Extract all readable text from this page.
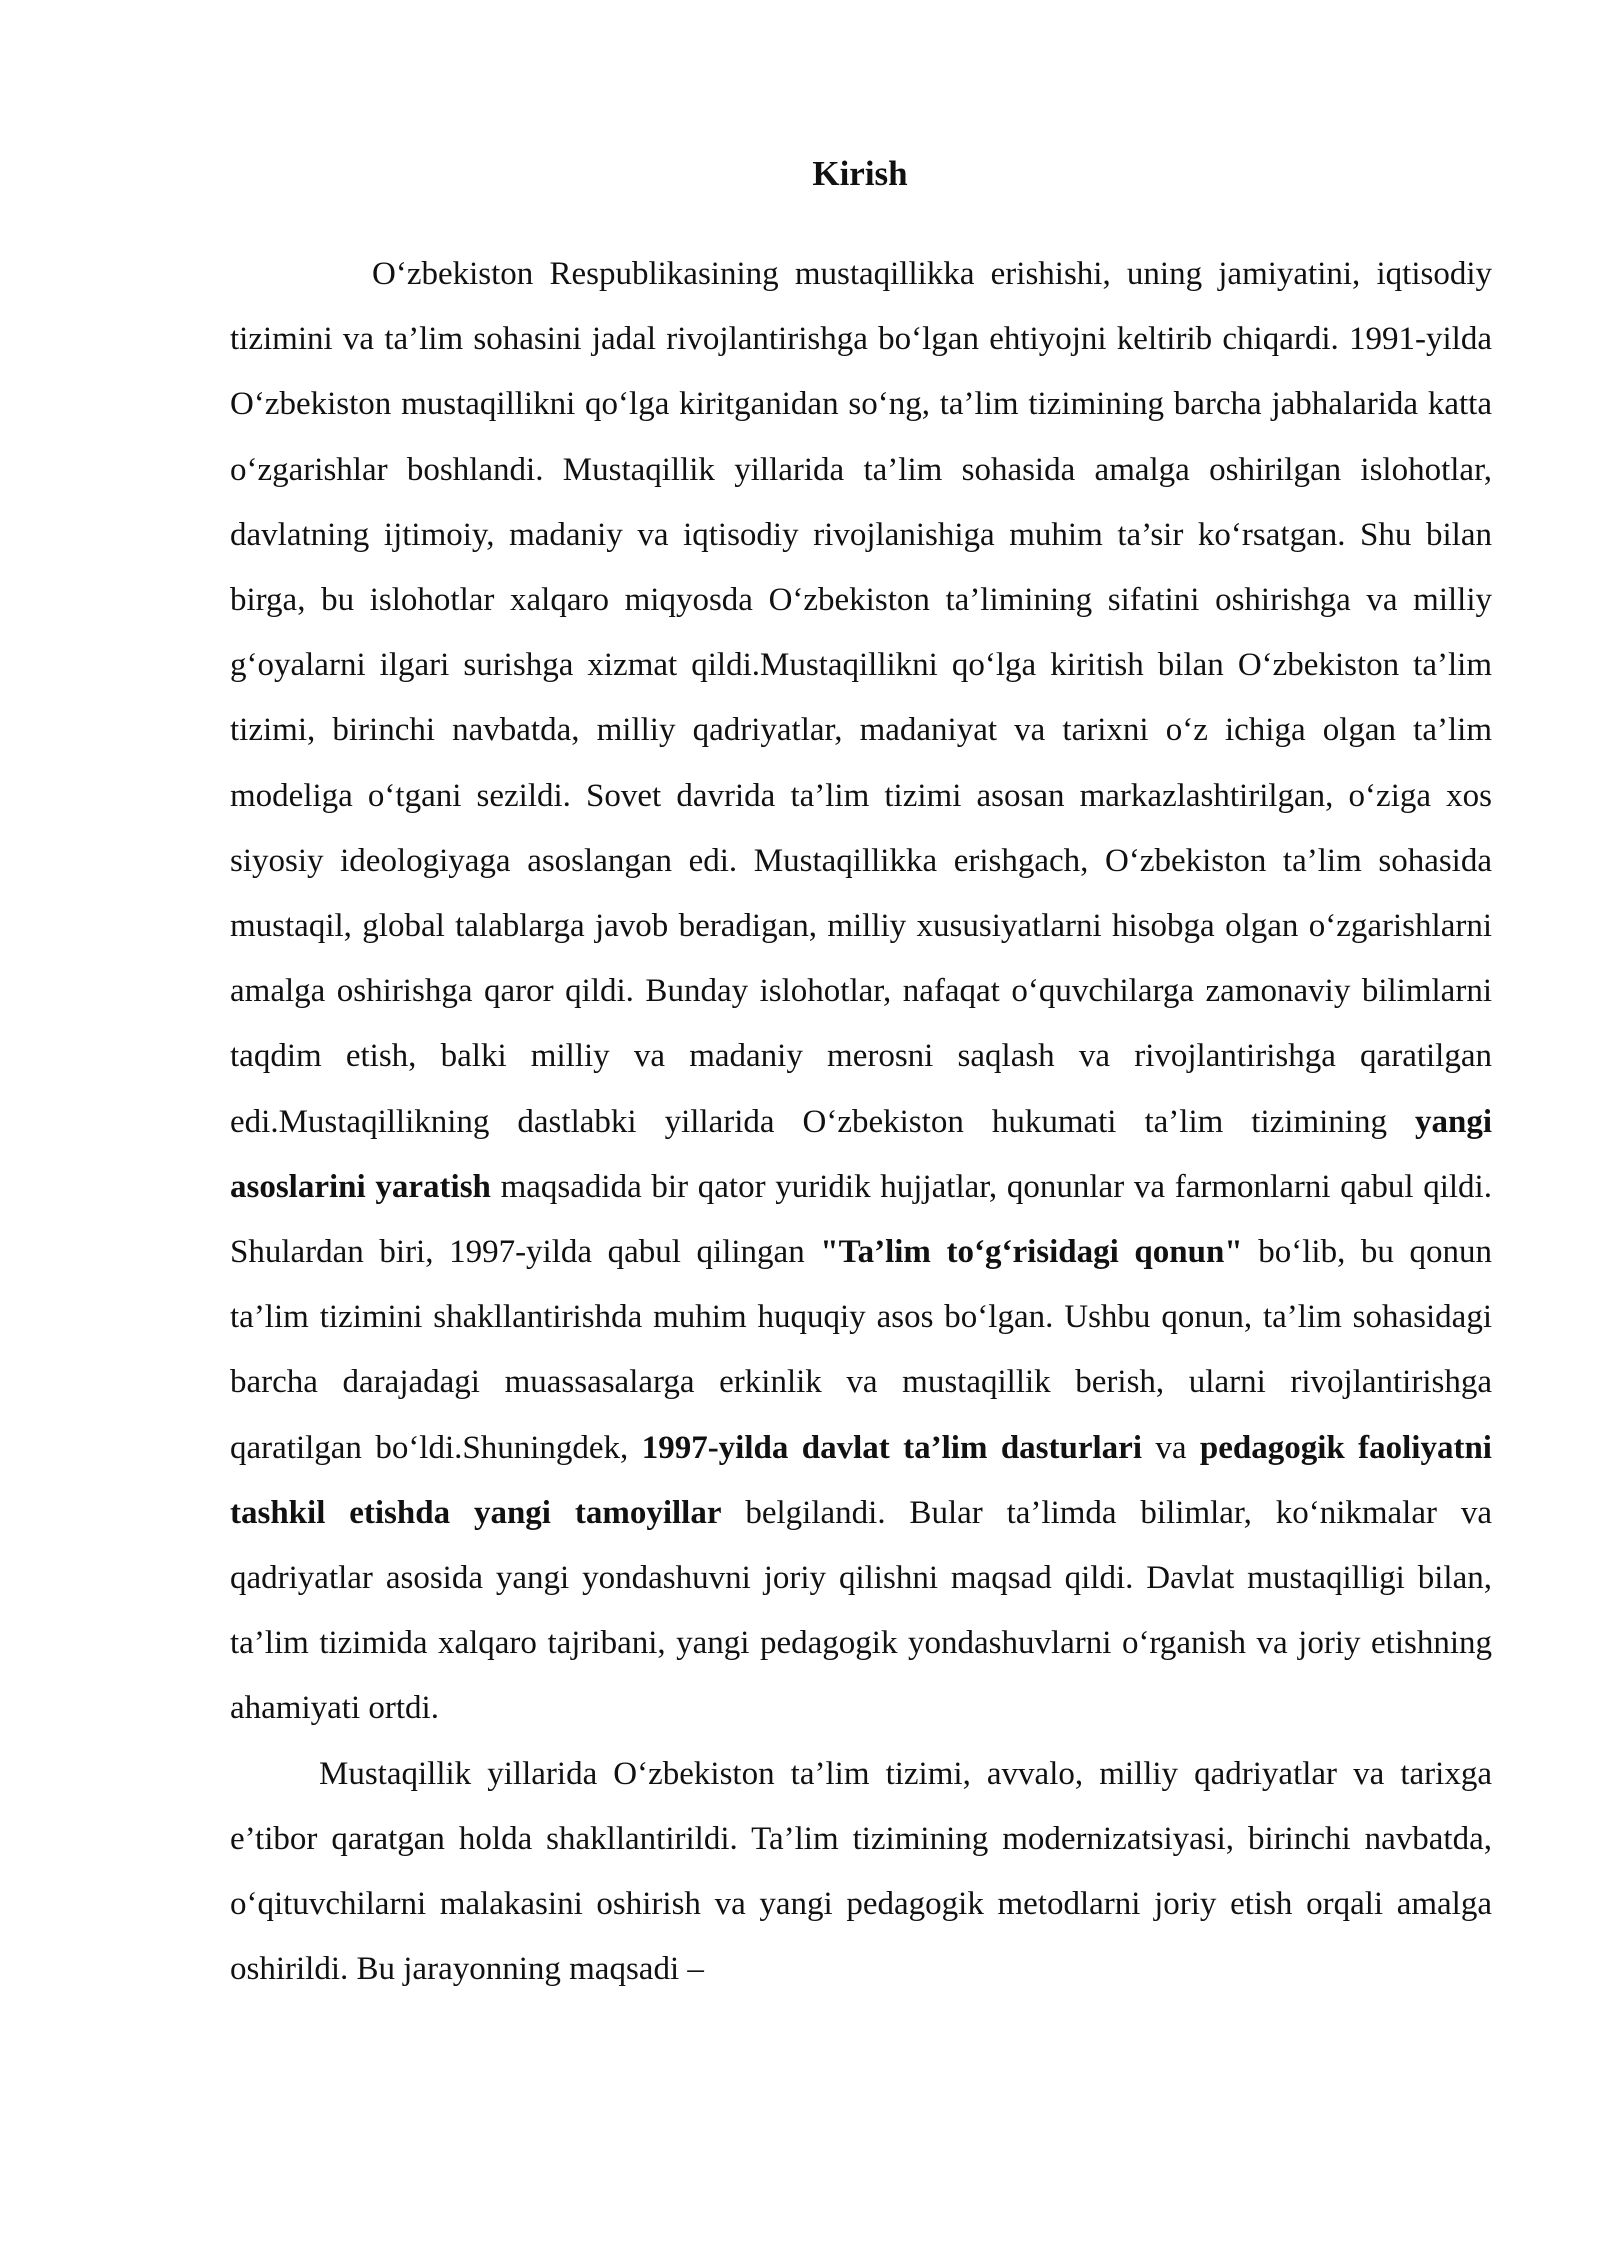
Kirish

O‘zbekiston Respublikasining mustaqillikka erishishi, uning jamiyatini, iqtisodiy tizimini va ta’lim sohasini jadal rivojlantirishga bo‘lgan ehtiyojni keltirib chiqardi. 1991-yilda O‘zbekiston mustaqillikni qo‘lga kiritganidan so‘ng, ta’lim tizimining barcha jabhalarida katta o‘zgarishlar boshlandi. Mustaqillik yillarida ta’lim sohasida amalga oshirilgan islohotlar, davlatning ijtimoiy, madaniy va iqtisodiy rivojlanishiga muhim ta’sir ko‘rsatgan. Shu bilan birga, bu islohotlar xalqaro miqyosda O‘zbekiston ta’limining sifatini oshirishga va milliy g‘oyalarni ilgari surishga xizmat qildi.Mustaqillikni qo‘lga kiritish bilan O‘zbekiston ta’lim tizimi, birinchi navbatda, milliy qadriyatlar, madaniyat va tarixni o‘z ichiga olgan ta’lim modeliga o‘tgani sezildi. Sovet davrida ta’lim tizimi asosan markazlashtirilgan, o‘ziga xos siyosiy ideologiyaga asoslangan edi. Mustaqillikka erishgach, O‘zbekiston ta’lim sohasida mustaqil, global talablarga javob beradigan, milliy xususiyatlarni hisobga olgan o‘zgarishlarni amalga oshirishga qaror qildi. Bunday islohotlar, nafaqat o‘quvchilarga zamonaviy bilimlarni taqdim etish, balki milliy va madaniy merosni saqlash va rivojlantirishga qaratilgan edi.Mustaqillikning dastlabki yillarida O‘zbekiston hukumati ta’lim tizimining yangi asoslarini yaratish maqsadida bir qator yuridik hujjatlar, qonunlar va farmonlarni qabul qildi. Shulardan biri, 1997-yilda qabul qilingan "Ta’lim to‘g‘risidagi qonun" bo‘lib, bu qonun ta’lim tizimini shakllantirishda muhim huquqiy asos bo‘lgan. Ushbu qonun, ta’lim sohasidagi barcha darajadagi muassasalarga erkinlik va mustaqillik berish, ularni rivojlantirishga qaratilgan bo‘ldi.Shuningdek, 1997-yilda davlat ta’lim dasturlari va pedagogik faoliyatni tashkil etishda yangi tamoyillar belgilandi. Bular ta’limda bilimlar, ko‘nikmalar va qadriyatlar asosida yangi yondashuvni joriy qilishni maqsad qildi. Davlat mustaqilligi bilan, ta’lim tizimida xalqaro tajribani, yangi pedagogik yondashuvlarni o‘rganish va joriy etishning ahamiyati ortdi.

Mustaqillik yillarida O‘zbekiston ta’lim tizimi, avvalo, milliy qadriyatlar va tarixga e’tibor qaratgan holda shakllantirildi. Ta’lim tizimining modernizatsiyasi, birinchi navbatda, o‘qituvchilarni malakasini oshirish va yangi pedagogik metodlarni joriy etish orqali amalga oshirildi. Bu jarayonning maqsadi –
